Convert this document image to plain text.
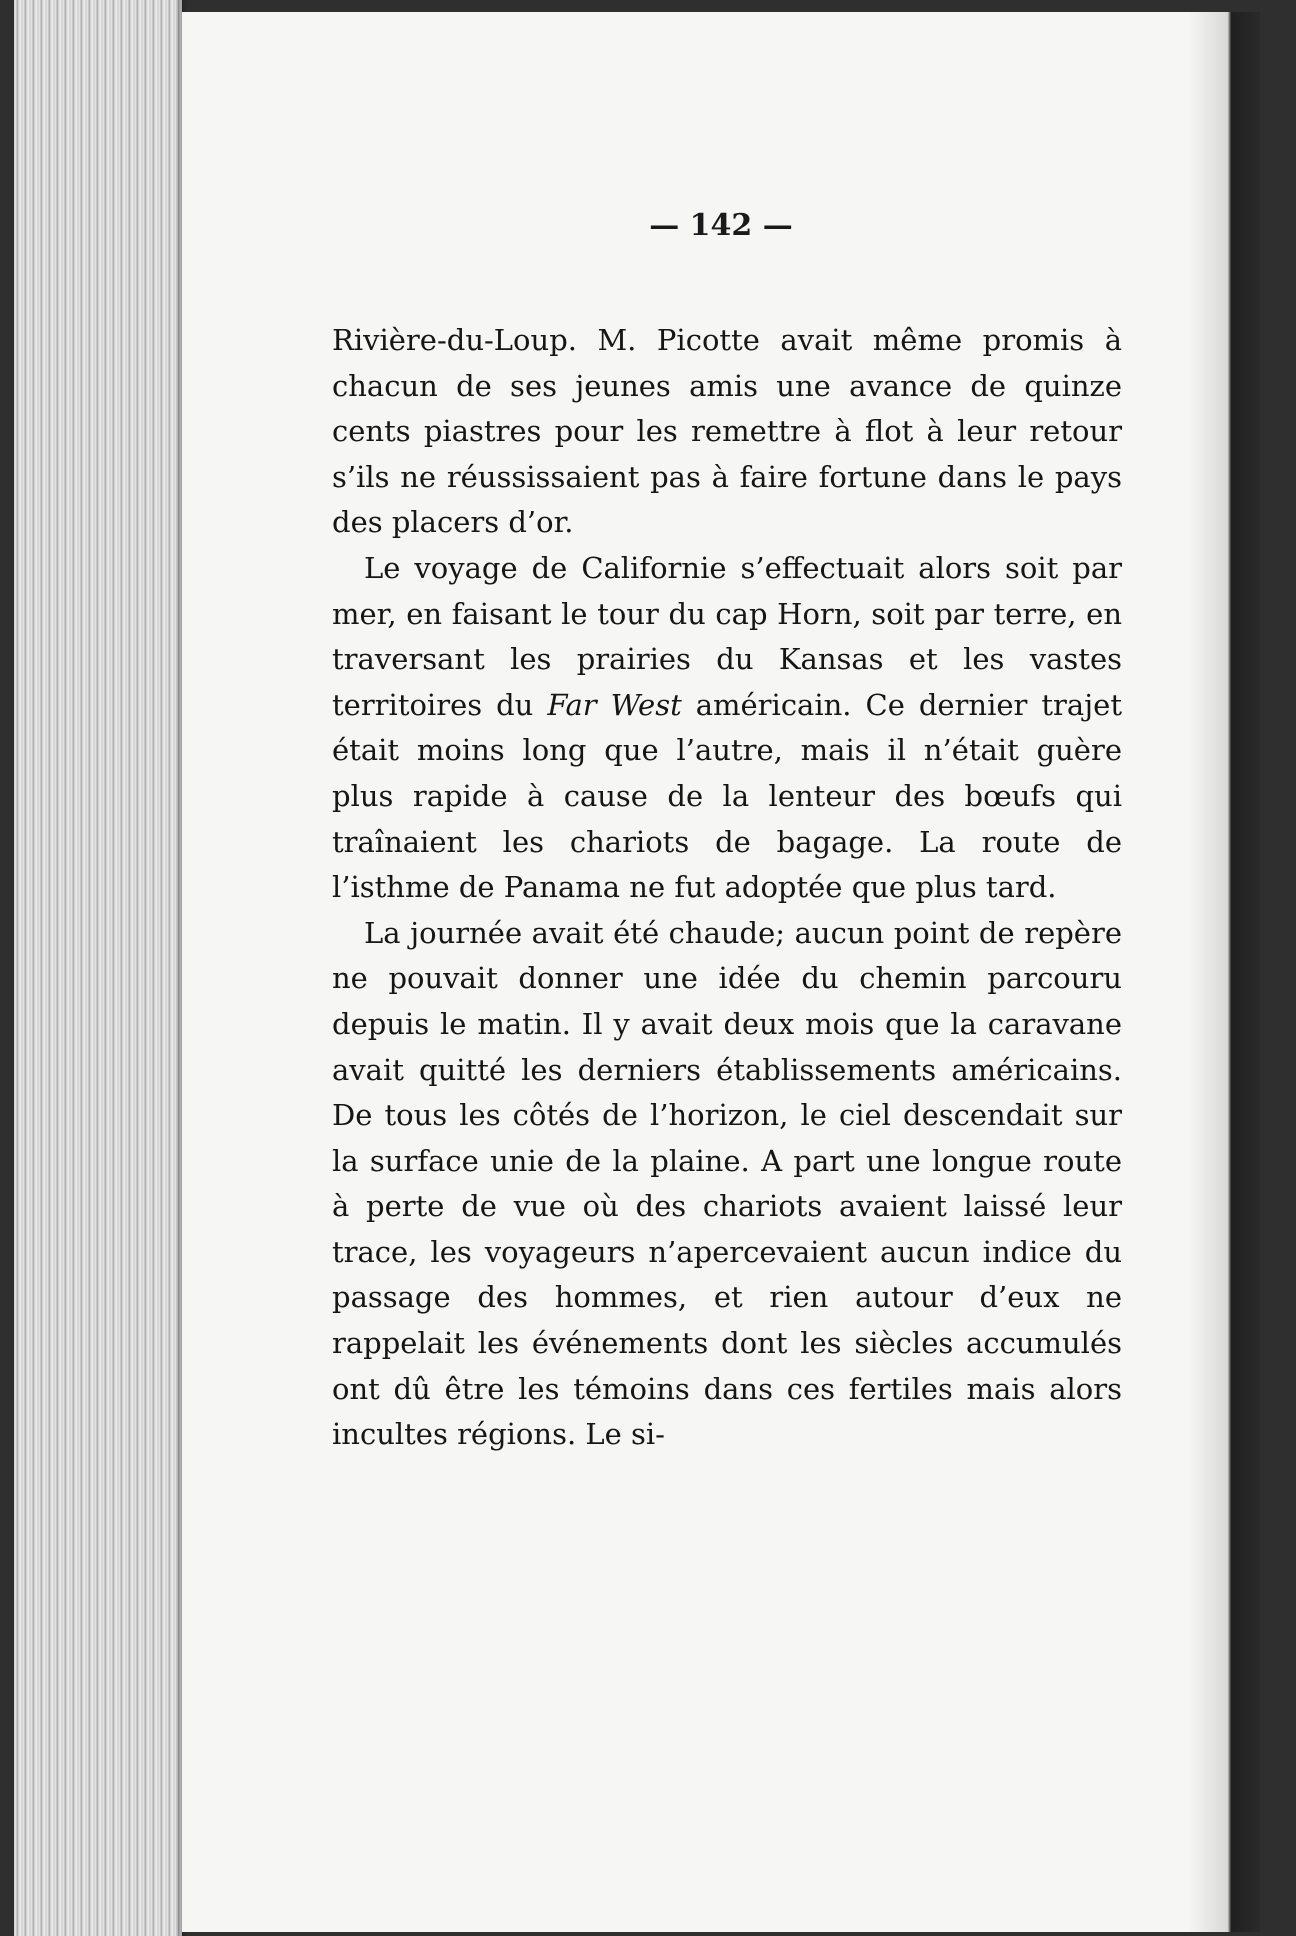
— 142 —

Rivière-du-Loup. M. Picotte avait même promis à chacun de ses jeunes amis une avance de quinze cents piastres pour les remettre à flot à leur retour s’ils ne réussissaient pas à faire fortune dans le pays des placers d’or.

Le voyage de Californie s’effectuait alors soit par mer, en faisant le tour du cap Horn, soit par terre, en traversant les prairies du Kansas et les vastes territoires du Far West américain. Ce dernier trajet était moins long que l’autre, mais il n’était guère plus rapide à cause de la lenteur des bœufs qui traînaient les chariots de bagage. La route de l’isthme de Panama ne fut adoptée que plus tard.

La journée avait été chaude; aucun point de repère ne pouvait donner une idée du chemin parcouru depuis le matin. Il y avait deux mois que la caravane avait quitté les derniers établissements américains. De tous les côtés de l’horizon, le ciel descendait sur la surface unie de la plaine. A part une longue route à perte de vue où des chariots avaient laissé leur trace, les voyageurs n’apercevaient aucun indice du passage des hommes, et rien autour d’eux ne rappelait les événements dont les siècles accumulés ont dû être les témoins dans ces fertiles mais alors incultes régions. Le si-
